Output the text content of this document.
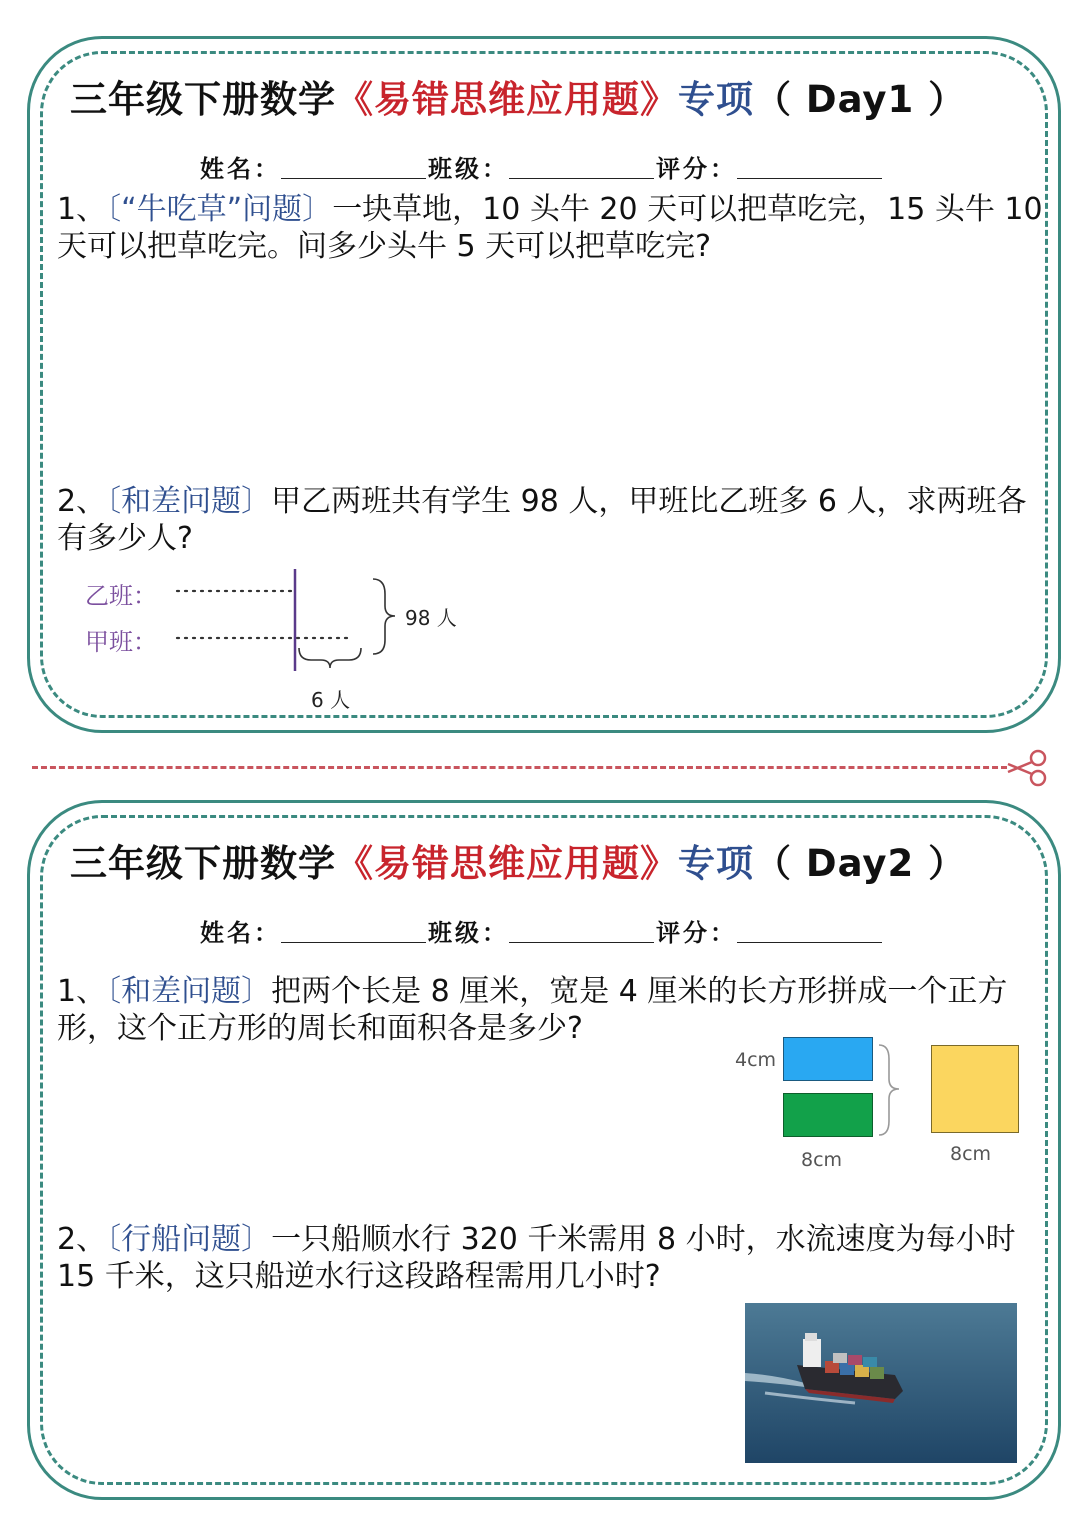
三年级下册数学《易错思维应用题》专项（ Day1 ）
姓名：	班级：	评分：
1、〔“牛吃草”问题〕一块草地，10 头牛 20 天可以把草吃完，15 头牛 10 天可以把草吃完。问多少头牛 5 天可以把草吃完?
2、〔和差问题〕甲乙两班共有学生 98 人，甲班比乙班多 6 人，求两班各有多少人?
乙班：
甲班：
98 人
6 人
三年级下册数学《易错思维应用题》专项（ Day2 ）
姓名：	班级：	评分：
1、〔和差问题〕把两个长是 8 厘米，宽是 4 厘米的长方形拼成一个正方形，这个正方形的周长和面积各是多少?
4cm
8cm	8cm
2、〔行船问题〕一只船顺水行 320 千米需用 8 小时，水流速度为每小时 15 千米，这只船逆水行这段路程需用几小时?
